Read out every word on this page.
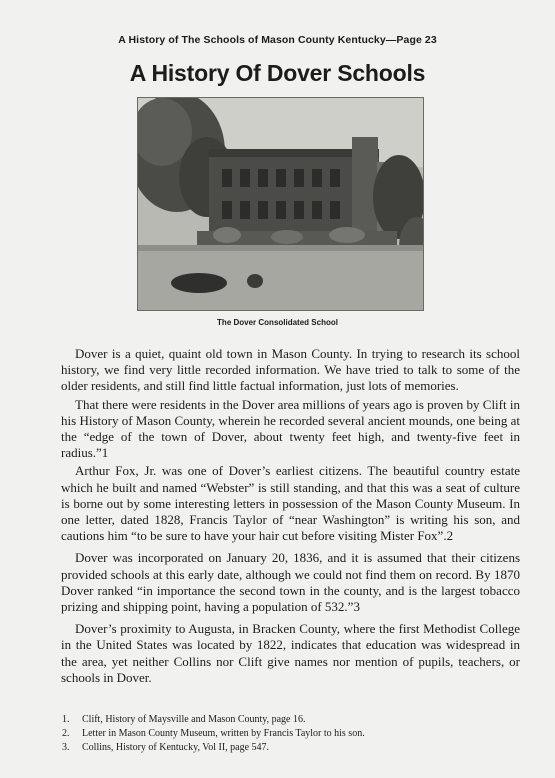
A History of The Schools of Mason County Kentucky—Page 23
A History Of Dover Schools
The Dover Consolidated School

Dover is a quiet, quaint old town in Mason County. In trying to research its school history, we find very little recorded information. We have tried to talk to some of the older residents, and still find little factual information, just lots of memories.

That there were residents in the Dover area millions of years ago is proven by Clift in his History of Mason County, wherein he recorded several ancient mounds, one being at the “edge of the town of Dover, about twenty feet high, and twenty-five feet in radius.”1

Arthur Fox, Jr. was one of Dover’s earliest citizens. The beautiful country estate which he built and named “Webster” is still standing, and that this was a seat of culture is borne out by some interesting letters in possession of the Mason County Museum. In one letter, dated 1828, Francis Taylor of “near Washington” is writing his son, and cautions him “to be sure to have your hair cut before visiting Mister Fox”.2

Dover was incorporated on January 20, 1836, and it is assumed that their citizens provided schools at this early date, although we could not find them on record. By 1870 Dover ranked “in importance the second town in the county, and is the largest tobacco prizing and shipping point, having a population of 532.”3

Dover’s proximity to Augusta, in Bracken County, where the first Methodist College in the United States was located by 1822, indicates that education was widespread in the area, yet neither Collins nor Clift give names nor mention of pupils, teachers, or schools in Dover.

1. Clift, History of Maysville and Mason County, page 16.
2. Letter in Mason County Museum, written by Francis Taylor to his son.
3. Collins, History of Kentucky, Vol II, page 547.
